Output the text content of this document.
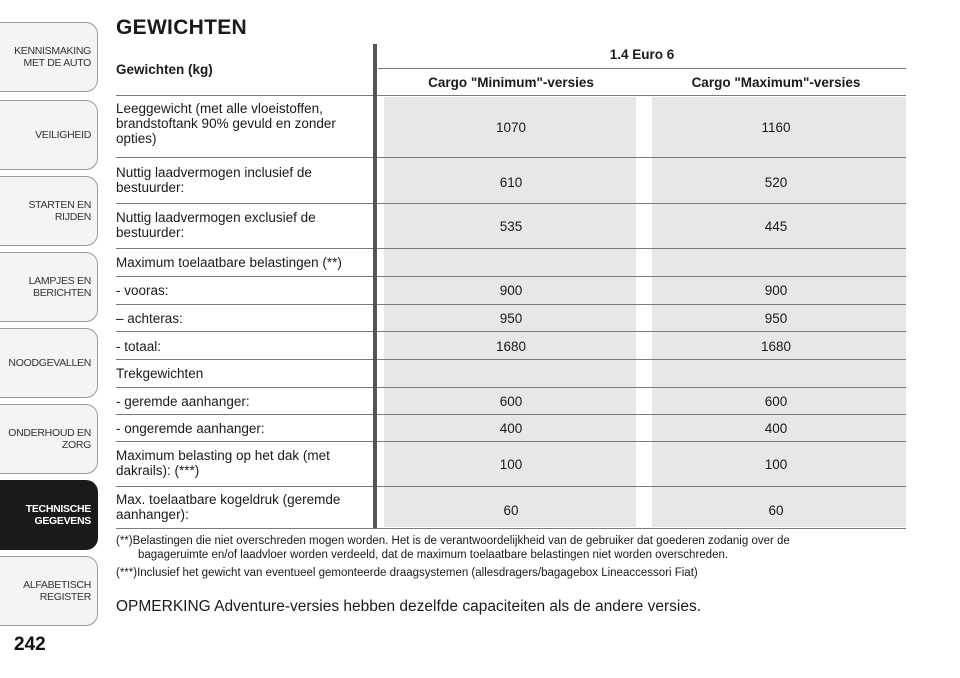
KENNISMAKING
MET DE AUTO
VEILIGHEID
STARTEN EN RIJDEN
LAMPJES EN
BERICHTEN
NOODGEVALLEN
ONDERHOUD EN
ZORG
TECHNISCHE
GEGEVENS
ALFABETISCH
REGISTER
242
GEWICHTEN
1.4 Euro 6
Cargo "Minimum"-versies	Cargo "Maximum"-versies
Gewichten (kg)
Leeggewicht (met alle vloeistoffen,
brandstoftank 90% gevuld en zonder
opties)
1070	1160
Nuttig laadvermogen inclusief de
bestuurder:	610	520
Nuttig laadvermogen exclusief de
bestuurder:	535	445
Maximum toelaatbare belastingen (**)
- vooras:	900	900
– achteras:	950	950
- totaal:	1680	1680
Trekgewichten
- geremde aanhanger:	600	600
- ongeremde aanhanger:	400	400
Maximum belasting op het dak (met
dakrails): (***)	100	100
Max. toelaatbare kogeldruk (geremde
aanhanger):	60	60

(**)Belastingen die niet overschreden mogen worden. Het is de verantwoordelijkheid van de gebruiker dat goederen zodanig over de
bagageruimte en/of laadvloer worden verdeeld, dat de maximum toelaatbare belastingen niet worden overschreden.

(***)Inclusief het gewicht van eventueel gemonteerde draagsystemen (allesdragers/bagagebox Lineaccessori Fiat)

OPMERKING Adventure-versies hebben dezelfde capaciteiten als de andere versies.
